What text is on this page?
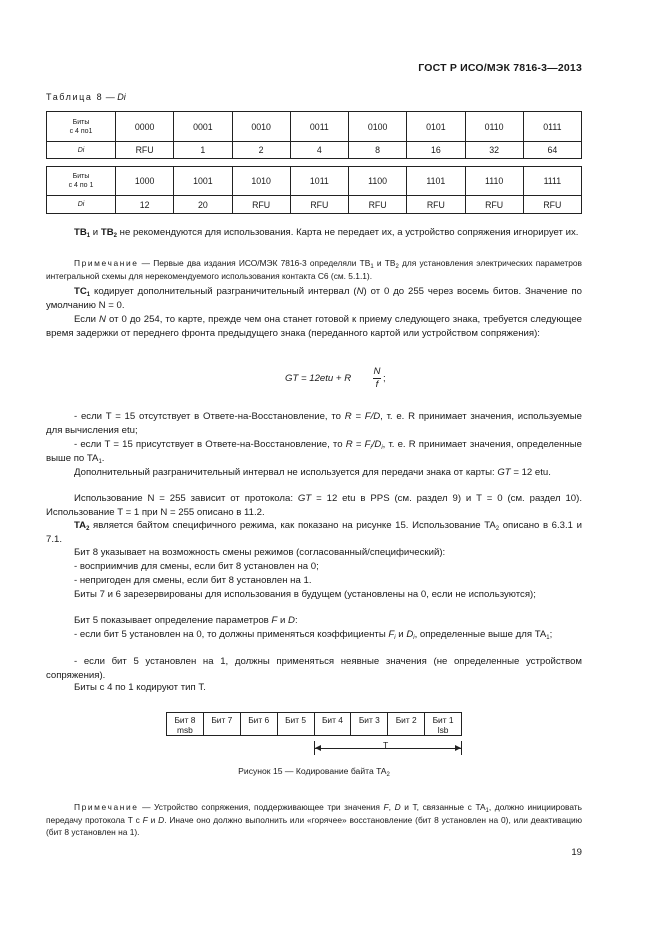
ГОСТ Р ИСО/МЭК 7816-3—2013
Таблица 8 — Di
Биты
с 4 по1	0000	0001	0010	0011	0100	0101	0110	0111
Di	RFU	1	2	4	8	16	32	64
Биты
с 4 по 1	1000	1001	1010	1011	1100	1101	1110	1111
Di	12	20	RFU	RFU	RFU	RFU	RFU	RFU
$TB_1$ и $TB_2$ не рекомендуются для использования. Карта не передает их, а устройство сопряжения игнорирует их.
Примечание — Первые два издания ИСО/МЭК 7816-3 определяли $TB_1$ и $TB_2$ для установления электрических параметров интегральной схемы для нерекомендуемого использования контакта C6 (см. 5.1.1).
$TC_1$ кодирует дополнительный разграничительный интервал (N) от 0 до 255 через восемь битов. Значение по умолчанию N = 0.
Если N от 0 до 254, то карте, прежде чем она станет готовой к приему следующего знака, требуется следующее время задержки от переднего фронта предыдущего знака (переданного картой или устройством сопряжения):
GT = 12etu + R $\frac{N}{f}$ ;
- если T = 15 отсутствует в Ответе-на-Восстановление, то R = F/D, т. е. R принимает значения, используемые для вычисления etu;
- если T = 15 присутствует в Ответе-на-Восстановление, то $R = F_i/D_i$, т. е. R принимает значения, определенные выше по $TA_1$.
Дополнительный разграничительный интервал не используется для передачи знака от карты: GT = 12 etu.
Использование N = 255 зависит от протокола: GT = 12 etu в PPS (см. раздел 9) и T = 0 (см. раздел 10). Использование T = 1 при N = 255 описано в 11.2.
$TA_2$ является байтом специфичного режима, как показано на рисунке 15. Использование $TA_2$ описано в 6.3.1 и 7.1.
Бит 8 указывает на возможность смены режимов (согласованный/специфический):
- восприимчив для смены, если бит 8 установлен на 0;
- непригоден для смены, если бит 8 установлен на 1.
Биты 7 и 6 зарезервированы для использования в будущем (установлены на 0, если не используются);
Бит 5 показывает определение параметров F и D:
- если бит 5 установлен на 0, то должны применяться коэффициенты $F_i$ и $D_i$, определенные выше для $TA_1$;
- если бит 5 установлен на 1, должны применяться неявные значения (не определенные устройством сопряжения).
Биты с 4 по 1 кодируют тип T.
Бит 8
msb
Бит 7	Бит 6	Бит 5	Бит 4	Бит 3	Бит 2	Бит 1
lsb
T
Рисунок 15 — Кодирование байта $TA_2$
Примечание — Устройство сопряжения, поддерживающее три значения F, D и T, связанные с $TA_1$, должно инициировать передачу протокола T с F и D. Иначе оно должно выполнить или «горячее» восстановление (бит 8 установлен на 0), или деактивацию (бит 8 установлен на 1).
19
